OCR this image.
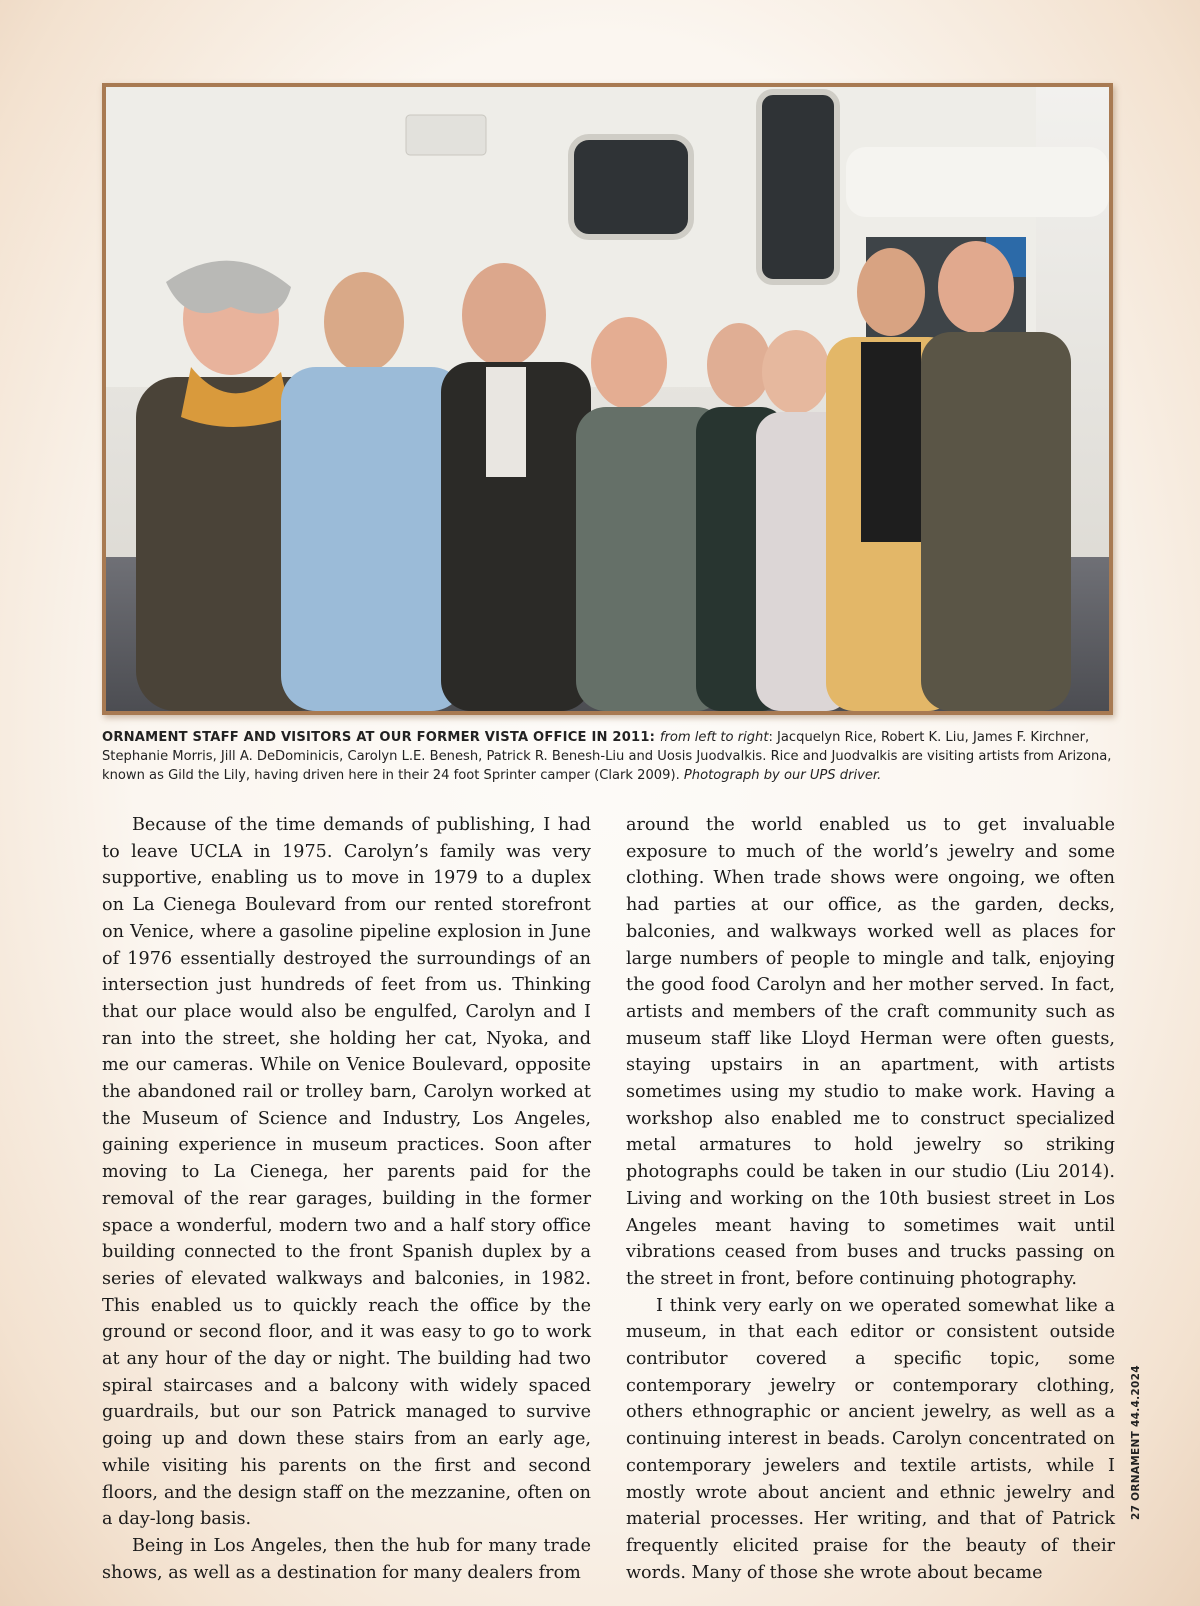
ORNAMENT STAFF AND VISITORS AT OUR FORMER VISTA OFFICE IN 2011: from left to right: Jacquelyn Rice, Robert K. Liu, James F. Kirchner, Stephanie Morris, Jill A. DeDominicis, Carolyn L.E. Benesh, Patrick R. Benesh-Liu and Uosis Juodvalkis. Rice and Juodvalkis are visiting artists from Arizona, known as Gild the Lily, having driven here in their 24 foot Sprinter camper (Clark 2009). Photograph by our UPS driver.

Because of the time demands of publishing, I had to leave UCLA in 1975. Carolyn’s family was very supportive, enabling us to move in 1979 to a duplex on La Cienega Boulevard from our rented storefront on Venice, where a gasoline pipeline explosion in June of 1976 essentially destroyed the surroundings of an intersection just hundreds of feet from us. Thinking that our place would also be engulfed, Carolyn and I ran into the street, she holding her cat, Nyoka, and me our cameras. While on Venice Boulevard, opposite the abandoned rail or trolley barn, Carolyn worked at the Museum of Science and Industry, Los Angeles, gaining experience in museum practices. Soon after moving to La Cienega, her parents paid for the removal of the rear garages, building in the former space a wonderful, modern two and a half story office building connected to the front Spanish duplex by a series of elevated walkways and balconies, in 1982. This enabled us to quickly reach the office by the ground or second floor, and it was easy to go to work at any hour of the day or night. The building had two spiral staircases and a balcony with widely spaced guardrails, but our son Patrick managed to survive going up and down these stairs from an early age, while visiting his parents on the first and second floors, and the design staff on the mezzanine, often on a day-long basis.

Being in Los Angeles, then the hub for many trade shows, as well as a destination for many dealers from

around the world enabled us to get invaluable exposure to much of the world’s jewelry and some clothing. When trade shows were ongoing, we often had parties at our office, as the garden, decks, balconies, and walkways worked well as places for large numbers of people to mingle and talk, enjoying the good food Carolyn and her mother served. In fact, artists and members of the craft community such as museum staff like Lloyd Herman were often guests, staying upstairs in an apartment, with artists sometimes using my studio to make work. Having a workshop also enabled me to construct specialized metal armatures to hold jewelry so striking photographs could be taken in our studio (Liu 2014). Living and working on the 10th busiest street in Los Angeles meant having to sometimes wait until vibrations ceased from buses and trucks passing on the street in front, before continuing photography.

I think very early on we operated somewhat like a museum, in that each editor or consistent outside contributor covered a specific topic, some contemporary jewelry or contemporary clothing, others ethnographic or ancient jewelry, as well as a continuing interest in beads. Carolyn concentrated on contemporary jewelers and textile artists, while I mostly wrote about ancient and ethnic jewelry and material processes. Her writing, and that of Patrick frequently elicited praise for the beauty of their words. Many of those she wrote about became

27 ORNAMENT 44.4.2024
